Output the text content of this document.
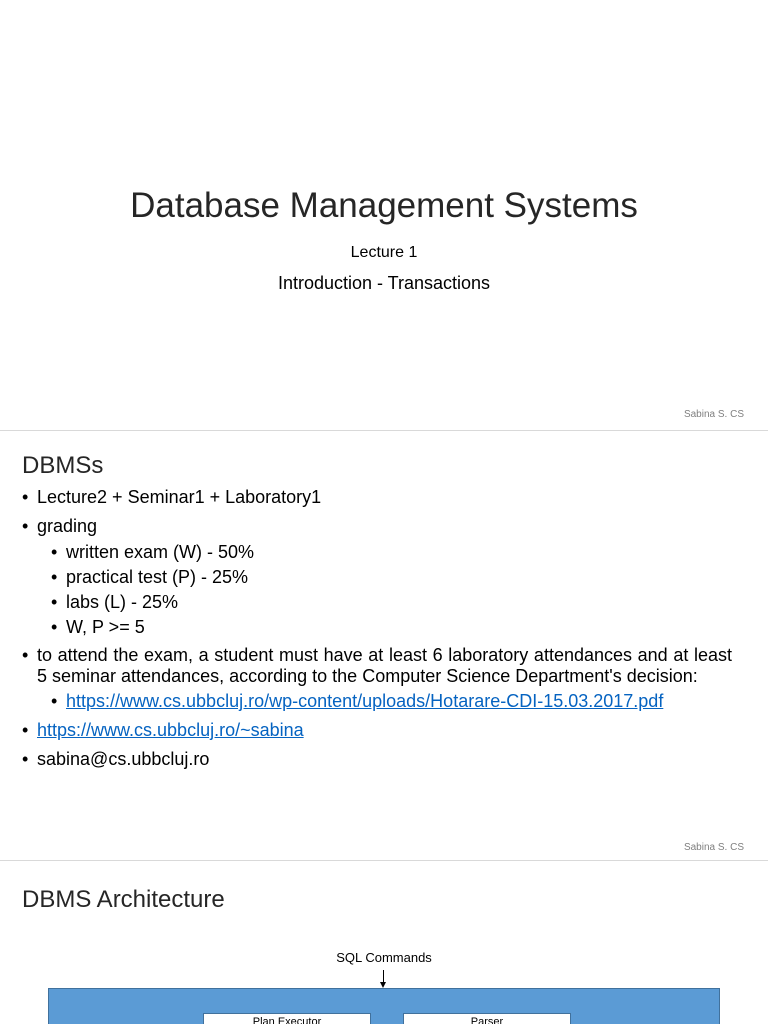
Database Management Systems
Lecture 1
Introduction - Transactions
Sabina S. CS
DBMSs
• Lecture2 + Seminar1 + Laboratory1
• grading
• written exam (W) - 50%
• practical test (P) - 25%
• labs (L) - 25%
• W, P >= 5
• to attend the exam, a student must have at least 6 laboratory attendances and at least 5 seminar attendances, according to the Computer Science Department's decision:
• https://www.cs.ubbcluj.ro/wp-content/uploads/Hotarare-CDI-15.03.2017.pdf
• https://www.cs.ubbcluj.ro/~sabina
• sabina@cs.ubbcluj.ro
Sabina S. CS
DBMS Architecture
SQL Commands
Plan Executor	Parser
